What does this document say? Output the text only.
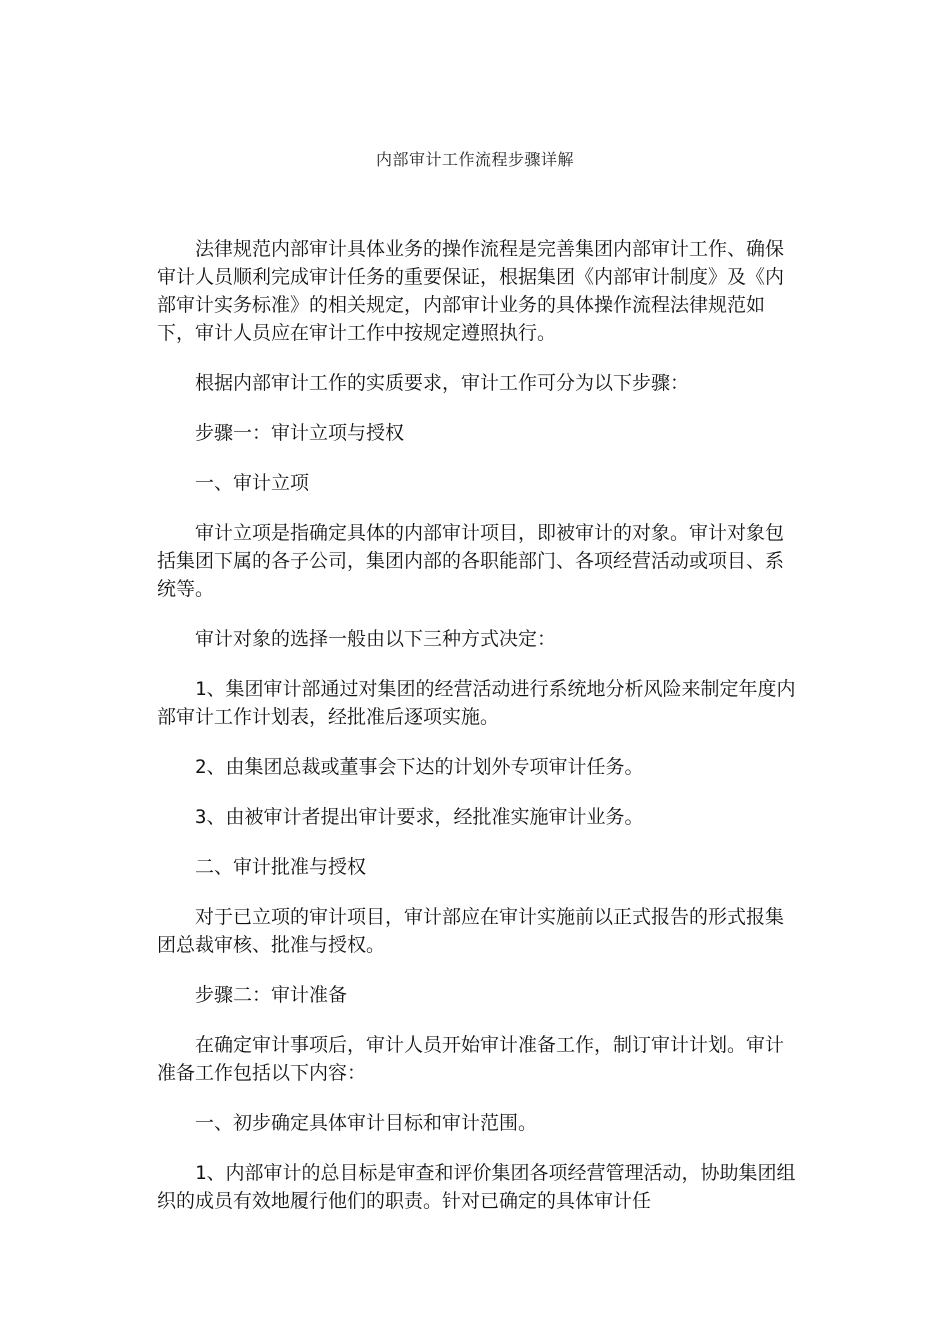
内部审计工作流程步骤详解

法律规范内部审计具体业务的操作流程是完善集团内部审计工作、确保审计人员顺利完成审计任务的重要保证，根据集团《内部审计制度》及《内部审计实务标准》的相关规定，内部审计业务的具体操作流程法律规范如下，审计人员应在审计工作中按规定遵照执行。

根据内部审计工作的实质要求，审计工作可分为以下步骤：

步骤一：审计立项与授权

一、审计立项

审计立项是指确定具体的内部审计项目，即被审计的对象。审计对象包括集团下属的各子公司，集团内部的各职能部门、各项经营活动或项目、系统等。

审计对象的选择一般由以下三种方式决定：

1、集团审计部通过对集团的经营活动进行系统地分析风险来制定年度内部审计工作计划表，经批准后逐项实施。

2、由集团总裁或董事会下达的计划外专项审计任务。

3、由被审计者提出审计要求，经批准实施审计业务。

二、审计批准与授权

对于已立项的审计项目，审计部应在审计实施前以正式报告的形式报集团总裁审核、批准与授权。

步骤二：审计准备

在确定审计事项后，审计人员开始审计准备工作，制订审计计划。审计准备工作包括以下内容：

一、初步确定具体审计目标和审计范围。

1、内部审计的总目标是审查和评价集团各项经营管理活动，协助集团组织的成员有效地履行他们的职责。针对已确定的具体审计任
